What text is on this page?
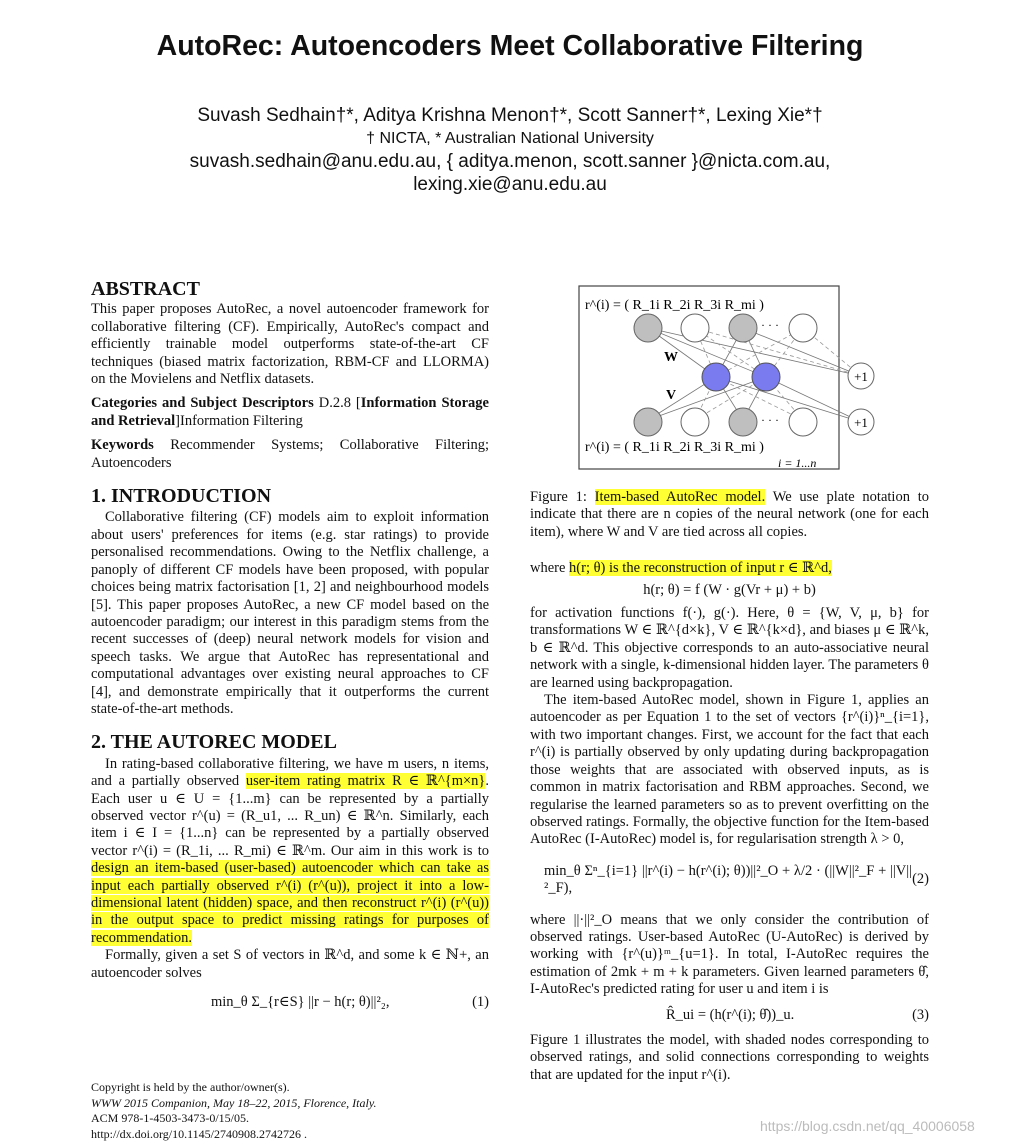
AutoRec: Autoencoders Meet Collaborative Filtering
Suvash Sedhain†*, Aditya Krishna Menon†*, Scott Sanner†*, Lexing Xie*†
† NICTA, * Australian National University
suvash.sedhain@anu.edu.au, { aditya.menon, scott.sanner }@nicta.com.au,
lexing.xie@anu.edu.au
ABSTRACT

This paper proposes AutoRec, a novel autoencoder framework for collaborative filtering (CF). Empirically, AutoRec's compact and efficiently trainable model outperforms state-of-the-art CF techniques (biased matrix factorization, RBM-CF and LLORMA) on the Movielens and Netflix datasets.

Categories and Subject Descriptors D.2.8 [Information Storage and Retrieval]Information Filtering

Keywords Recommender Systems; Collaborative Filtering; Autoencoders

1. INTRODUCTION

Collaborative filtering (CF) models aim to exploit information about users' preferences for items (e.g. star ratings) to provide personalised recommendations. Owing to the Netflix challenge, a panoply of different CF models have been proposed, with popular choices being matrix factorisation [1, 2] and neighbourhood models [5]. This paper proposes AutoRec, a new CF model based on the autoencoder paradigm; our interest in this paradigm stems from the recent successes of (deep) neural network models for vision and speech tasks. We argue that AutoRec has representational and computational advantages over existing neural approaches to CF [4], and demonstrate empirically that it outperforms the current state-of-the-art methods.

2. THE AUTOREC MODEL

In rating-based collaborative filtering, we have m users, n items, and a partially observed user-item rating matrix R ∈ ℝ^{m×n}. Each user u ∈ U = {1...m} can be represented by a partially observed vector r^(u) = (R_u1, ... R_un) ∈ ℝ^n. Similarly, each item i ∈ I = {1...n} can be represented by a partially observed vector r^(i) = (R_1i, ... R_mi) ∈ ℝ^m. Our aim in this work is to design an item-based (user-based) autoencoder which can take as input each partially observed r^(i) (r^(u)), project it into a low-dimensional latent (hidden) space, and then reconstruct r^(i) (r^(u)) in the output space to predict missing ratings for purposes of recommendation.

Formally, given a set S of vectors in ℝ^d, and some k ∈ ℕ+, an autoencoder solves

min_θ Σ_{r∈S} ||r − h(r; θ)||²₂,	(1)
Copyright is held by the author/owner(s).
WWW 2015 Companion, May 18–22, 2015, Florence, Italy.
ACM 978-1-4503-3473-0/15/05.
http://dx.doi.org/10.1145/2740908.2742726 .
r^(i) = ( R_1i R_2i R_3i R_mi )
r^(i) = ( R_1i R_2i R_3i R_mi )
+1
+1
W
V
· · ·
· · ·
i = 1...n

Figure 1: Item-based AutoRec model. We use plate notation to indicate that there are n copies of the neural network (one for each item), where W and V are tied across all copies.

where h(r; θ) is the reconstruction of input r ∈ ℝ^d,

h(r; θ) = f (W · g(Vr + μ) + b)

for activation functions f(·), g(·). Here, θ = {W, V, μ, b} for transformations W ∈ ℝ^{d×k}, V ∈ ℝ^{k×d}, and biases μ ∈ ℝ^k, b ∈ ℝ^d. This objective corresponds to an auto-associative neural network with a single, k-dimensional hidden layer. The parameters θ are learned using backpropagation.

The item-based AutoRec model, shown in Figure 1, applies an autoencoder as per Equation 1 to the set of vectors {r^(i)}ⁿ_{i=1}, with two important changes. First, we account for the fact that each r^(i) is partially observed by only updating during backpropagation those weights that are associated with observed inputs, as is common in matrix factorisation and RBM approaches. Second, we regularise the learned parameters so as to prevent overfitting on the observed ratings. Formally, the objective function for the Item-based AutoRec (I-AutoRec) model is, for regularisation strength λ > 0,

min_θ Σⁿ_{i=1} ||r^(i) − h(r^(i); θ))||²_O + λ/2 · (||W||²_F + ||V||²_F),
(2)

where ||·||²_O means that we only consider the contribution of observed ratings. User-based AutoRec (U-AutoRec) is derived by working with {r^(u)}ᵐ_{u=1}. In total, I-AutoRec requires the estimation of 2mk + m + k parameters. Given learned parameters θ̂, I-AutoRec's predicted rating for user u and item i is

R̂_ui = (h(r^(i); θ̂))_u.	(3)

Figure 1 illustrates the model, with shaded nodes corresponding to observed ratings, and solid connections corresponding to weights that are updated for the input r^(i).

https://blog.csdn.net/qq_40006058
